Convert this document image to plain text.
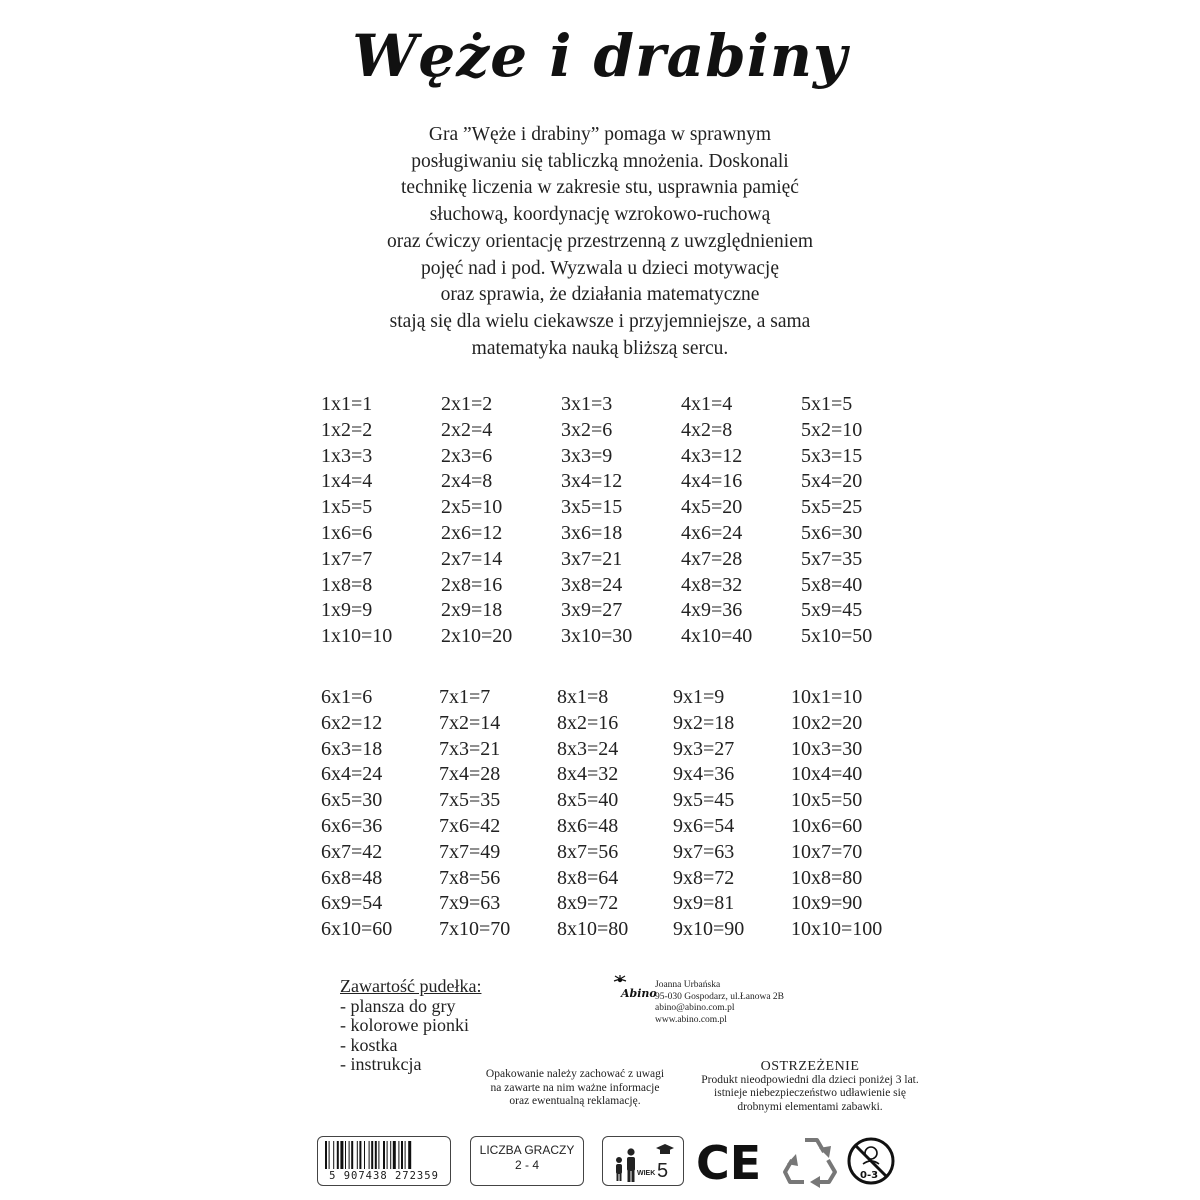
Węże i drabiny
Gra ”Węże i drabiny” pomaga w sprawnym
posługiwaniu się tabliczką mnożenia. Doskonali
technikę liczenia w zakresie stu, usprawnia pamięć
słuchową, koordynację wzrokowo-ruchową
oraz ćwiczy orientację przestrzenną z uwzględnieniem
pojęć nad i pod. Wyzwala u dzieci motywację
oraz sprawia, że działania matematyczne
stają się dla wielu ciekawsze i przyjemniejsze, a sama
matematyka nauką bliższą sercu.
1x1=1
1x2=2
1x3=3
1x4=4
1x5=5
1x6=6
1x7=7
1x8=8
1x9=9
1x10=10
2x1=2
2x2=4
2x3=6
2x4=8
2x5=10
2x6=12
2x7=14
2x8=16
2x9=18
2x10=20
3x1=3
3x2=6
3x3=9
3x4=12
3x5=15
3x6=18
3x7=21
3x8=24
3x9=27
3x10=30
4x1=4
4x2=8
4x3=12
4x4=16
4x5=20
4x6=24
4x7=28
4x8=32
4x9=36
4x10=40
5x1=5
5x2=10
5x3=15
5x4=20
5x5=25
5x6=30
5x7=35
5x8=40
5x9=45
5x10=50
6x1=6
6x2=12
6x3=18
6x4=24
6x5=30
6x6=36
6x7=42
6x8=48
6x9=54
6x10=60
7x1=7
7x2=14
7x3=21
7x4=28
7x5=35
7x6=42
7x7=49
7x8=56
7x9=63
7x10=70
8x1=8
8x2=16
8x3=24
8x4=32
8x5=40
8x6=48
8x7=56
8x8=64
8x9=72
8x10=80
9x1=9
9x2=18
9x3=27
9x4=36
9x5=45
9x6=54
9x7=63
9x8=72
9x9=81
9x10=90
10x1=10
10x2=20
10x3=30
10x4=40
10x5=50
10x6=60
10x7=70
10x8=80
10x9=90
10x10=100
Zawartość pudełka:
- plansza do gry
- kolorowe pionki
- kostka
- instrukcja
Abino
Joanna Urbańska
95-030 Gospodarz, ul.Łanowa 2B
abino@abino.com.pl
www.abino.com.pl
Opakowanie należy zachować z uwagi
na zawarte na nim ważne informacje
oraz ewentualną reklamację.
OSTRZEŻENIE
Produkt nieodpowiedni dla dzieci poniżej 3 lat.
istnieje niebezpieczeństwo udławienie się
drobnymi elementami zabawki.
5 907438 272359
LICZBA GRACZY
2 - 4
WIEK 5 CE	0-3
